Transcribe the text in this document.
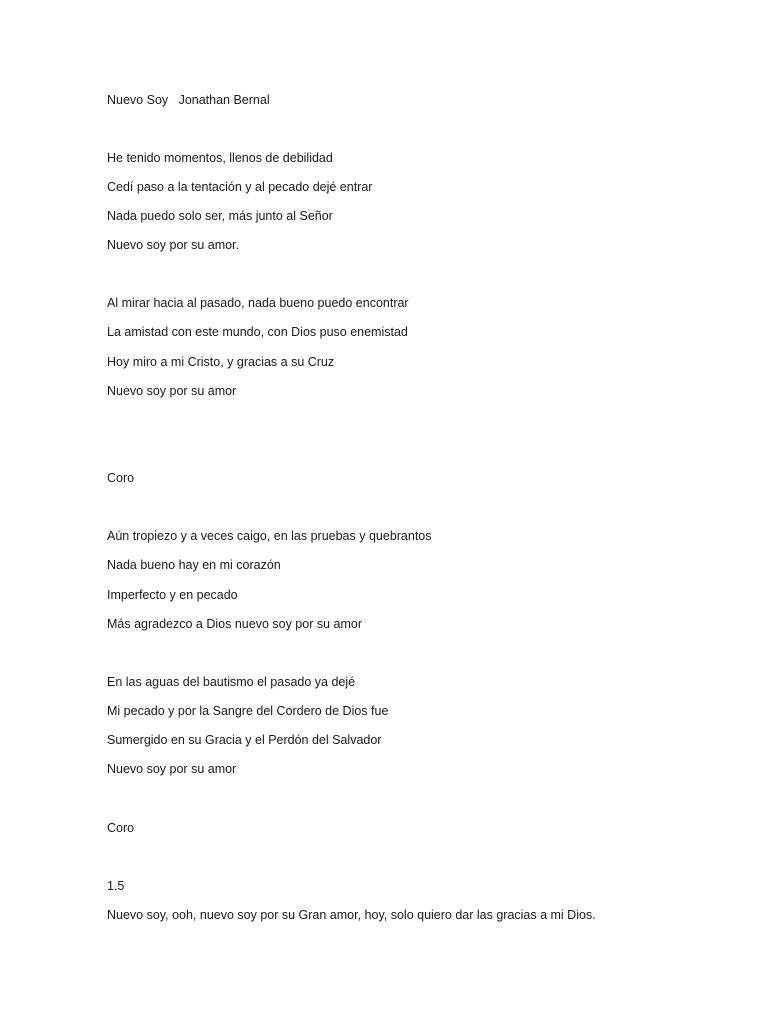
Nuevo Soy   Jonathan Bernal

He tenido momentos, llenos de debilidad

Cedí paso a la tentación y al pecado dejé entrar

Nada puedo solo ser, más junto al Señor

Nuevo soy por su amor.

Al mirar hacia al pasado, nada bueno puedo encontrar

La amistad con este mundo, con Dios puso enemistad

Hoy miro a mi Cristo, y gracias a su Cruz

Nuevo soy por su amor

Coro

Aún tropiezo y a veces caigo, en las pruebas y quebrantos

Nada bueno hay en mi corazón

Imperfecto y en pecado

Más agradezco a Dios nuevo soy por su amor

En las aguas del bautismo el pasado ya dejé

Mi pecado y por la Sangre del Cordero de Dios fue

Sumergido en su Gracia y el Perdón del Salvador

Nuevo soy por su amor

Coro

1.5

Nuevo soy, ooh, nuevo soy por su Gran amor, hoy, solo quiero dar las gracias a mi Dios.
